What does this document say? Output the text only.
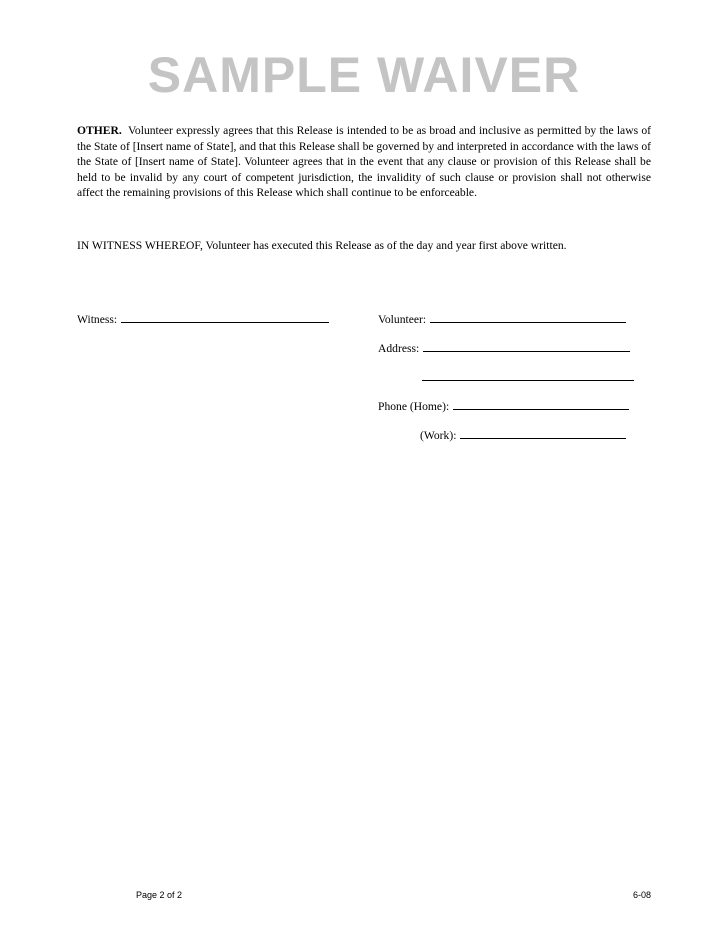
SAMPLE WAIVER
OTHER. Volunteer expressly agrees that this Release is intended to be as broad and inclusive as permitted by the laws of the State of [Insert name of State], and that this Release shall be governed by and interpreted in accordance with the laws of the State of [Insert name of State]. Volunteer agrees that in the event that any clause or provision of this Release shall be held to be invalid by any court of competent jurisdiction, the invalidity of such clause or provision shall not otherwise affect the remaining provisions of this Release which shall continue to be enforceable.
IN WITNESS WHEREOF, Volunteer has executed this Release as of the day and year first above written.
Witness:	Volunteer:
Address:
Phone (Home):
(Work):
Page 2 of 2	6-08
